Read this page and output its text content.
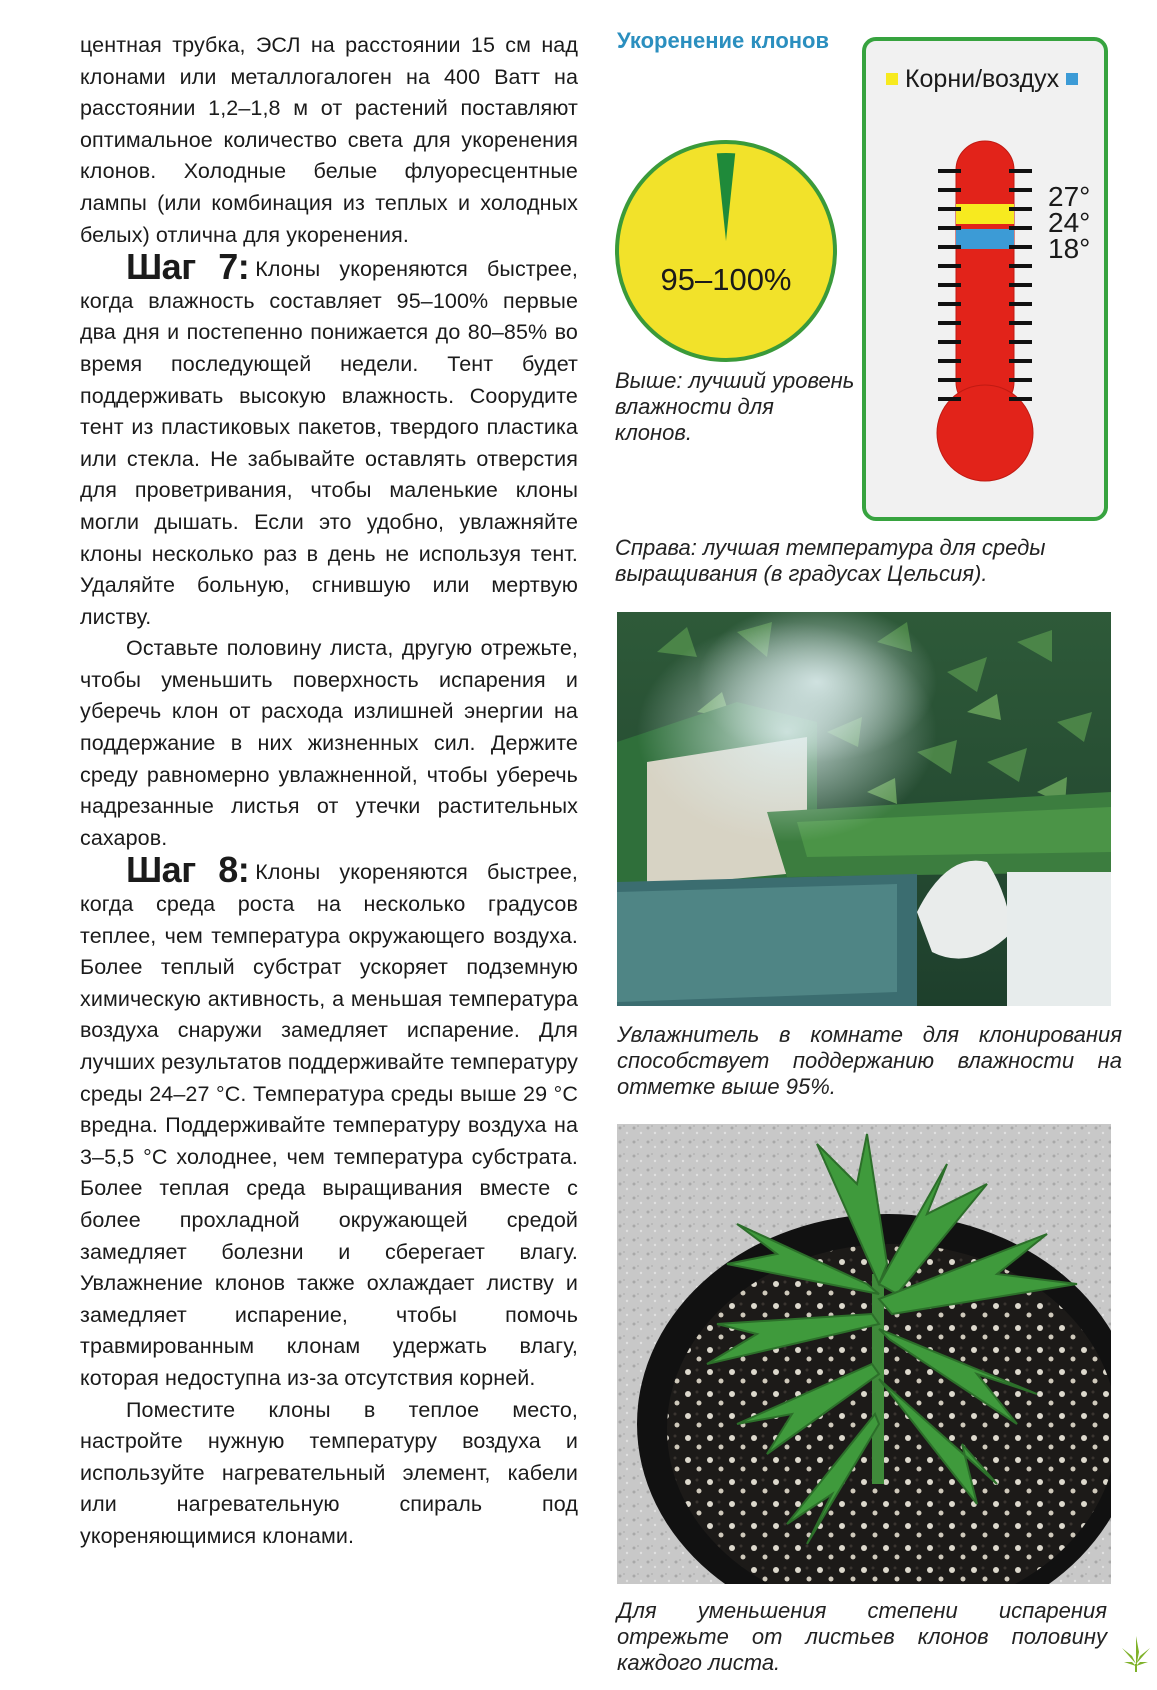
центная трубка, ЭСЛ на расстоянии 15 см над клонами или металлогалоген на 400 Ватт на расстоянии 1,2–1,8 м от растений поставляют оптимальное количество света для укоренения клонов. Холодные белые флуоресцентные лампы (или комбинация из теплых и холодных белых) отлична для укоренения.

Шаг 7: Клоны укореняются быстрее, когда влажность составляет 95–100% первые два дня и постепенно понижается до 80–85% во время последующей недели. Тент будет поддерживать высокую влажность. Соорудите тент из пластиковых пакетов, твердого пластика или стекла. Не забывайте оставлять отверстия для проветривания, чтобы маленькие клоны могли дышать. Если это удобно, увлажняйте клоны несколько раз в день не используя тент. Удаляйте больную, сгнившую или мертвую листву.

Оставьте половину листа, другую отрежьте, чтобы уменьшить поверхность испарения и уберечь клон от расхода излишней энергии на поддержание в них жизненных сил. Держите среду равномерно увлажненной, чтобы уберечь надрезанные листья от утечки растительных сахаров.

Шаг 8: Клоны укореняются быстрее, когда среда роста на несколько градусов теплее, чем температура окружающего воздуха. Более теплый субстрат ускоряет подземную химическую активность, а меньшая температура воздуха снаружи замедляет испарение. Для лучших результатов поддерживайте температуру среды 24–27 °С. Температура среды выше 29 °С вредна. Поддерживайте температуру воздуха на 3–5,5 °С холоднее, чем температура субстрата. Более теплая среда выращивания вместе с более прохладной окружающей средой замедляет болезни и сберегает влагу. Увлажнение клонов также охлаждает листву и замедляет испарение, чтобы помочь травмированным клонам удержать влагу, которая недоступна из-за отсутствия корней.

Поместите клоны в теплое место, настройте нужную температуру воздуха и используйте нагревательный элемент, кабели или нагревательную спираль под укореняющимися клонами.

Укоренение клонов
95–100%
Выше: лучший уровень влажности для клонов.
Корни/воздух
27°
24°
18°
Справа: лучшая температура для среды выращивания (в градусах Цельсия).
Увлажнитель в комнате для клонирования способствует поддержанию влажности на отметке выше 95%.
Для уменьшения степени испарения отрежьте от листьев клонов половину каждого листа.
